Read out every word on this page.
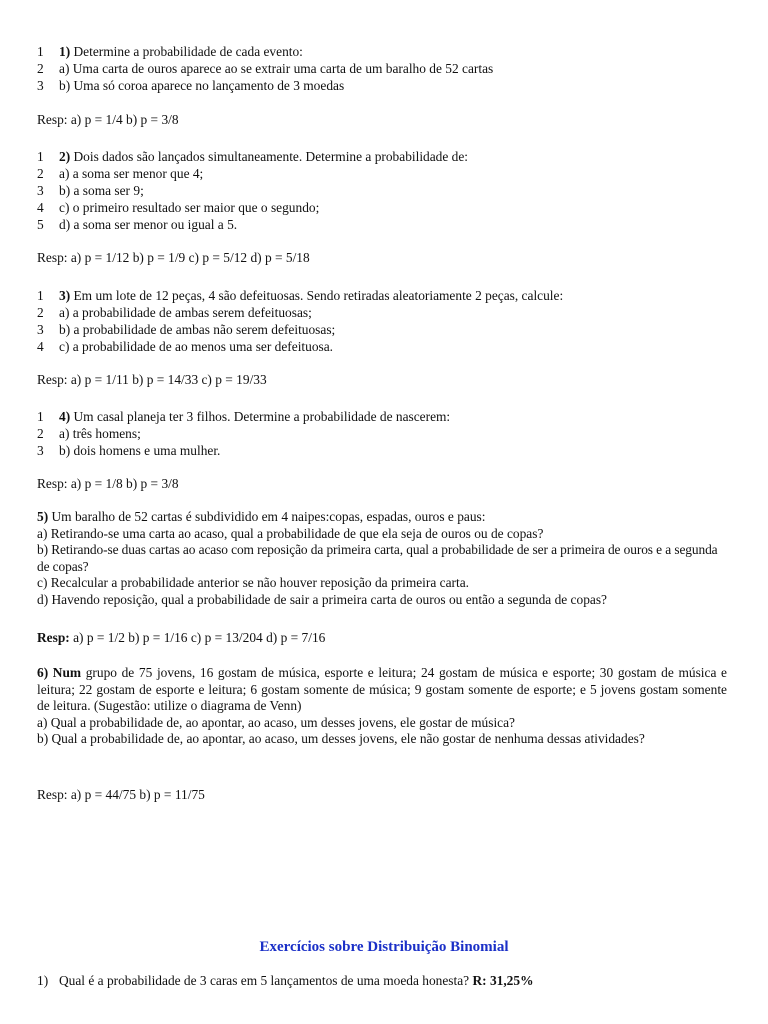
1	1) Determine a probabilidade de cada evento:
2	a) Uma carta de ouros aparece ao se extrair uma carta de um baralho de 52 cartas
3	b) Uma só coroa aparece no lançamento de 3 moedas
Resp: a) p = 1/4 b) p = 3/8
1	2) Dois dados são lançados simultaneamente. Determine a probabilidade de:
2	a) a soma ser menor que 4;
3	b) a soma ser 9;
4	c) o primeiro resultado ser maior que o segundo;
5	d) a soma ser menor ou igual a 5.
Resp: a) p = 1/12 b) p = 1/9 c) p = 5/12 d) p = 5/18
1	3) Em um lote de 12 peças, 4 são defeituosas. Sendo retiradas aleatoriamente 2 peças, calcule:
2	a) a probabilidade de ambas serem defeituosas;
3	b) a probabilidade de ambas não serem defeituosas;
4	c) a probabilidade de ao menos uma ser defeituosa.
Resp: a) p = 1/11 b) p = 14/33 c) p = 19/33
1	4) Um casal planeja ter 3 filhos. Determine a probabilidade de nascerem:
2	a) três homens;
3	b) dois homens e uma mulher.
Resp: a) p = 1/8 b) p = 3/8
5) Um baralho de 52 cartas é subdividido em 4 naipes:copas, espadas, ouros e paus:
a) Retirando-se uma carta ao acaso, qual a probabilidade de que ela seja de ouros ou de copas?
b) Retirando-se duas cartas ao acaso com reposição da primeira carta, qual a probabilidade de ser a primeira de ouros e a segunda de copas?
c) Recalcular a probabilidade anterior se não houver reposição da primeira carta.
d) Havendo reposição, qual a probabilidade de sair a primeira carta de ouros ou então a segunda de copas?
Resp: a) p = 1/2 b) p = 1/16 c) p = 13/204 d) p = 7/16
6) Num grupo de 75 jovens, 16 gostam de música, esporte e leitura; 24 gostam de música e esporte; 30 gostam de música e leitura; 22 gostam de esporte e leitura; 6 gostam somente de música; 9 gostam somente de esporte; e 5 jovens gostam somente de leitura. (Sugestão: utilize o diagrama de Venn)
a) Qual a probabilidade de, ao apontar, ao acaso, um desses jovens, ele gostar de música?
b) Qual a probabilidade de, ao apontar, ao acaso, um desses jovens, ele não gostar de nenhuma dessas atividades?
Resp: a) p = 44/75 b) p = 11/75
Exercícios sobre Distribuição Binomial
1) Qual é a probabilidade de 3 caras em 5 lançamentos de uma moeda honesta? R: 31,25%
